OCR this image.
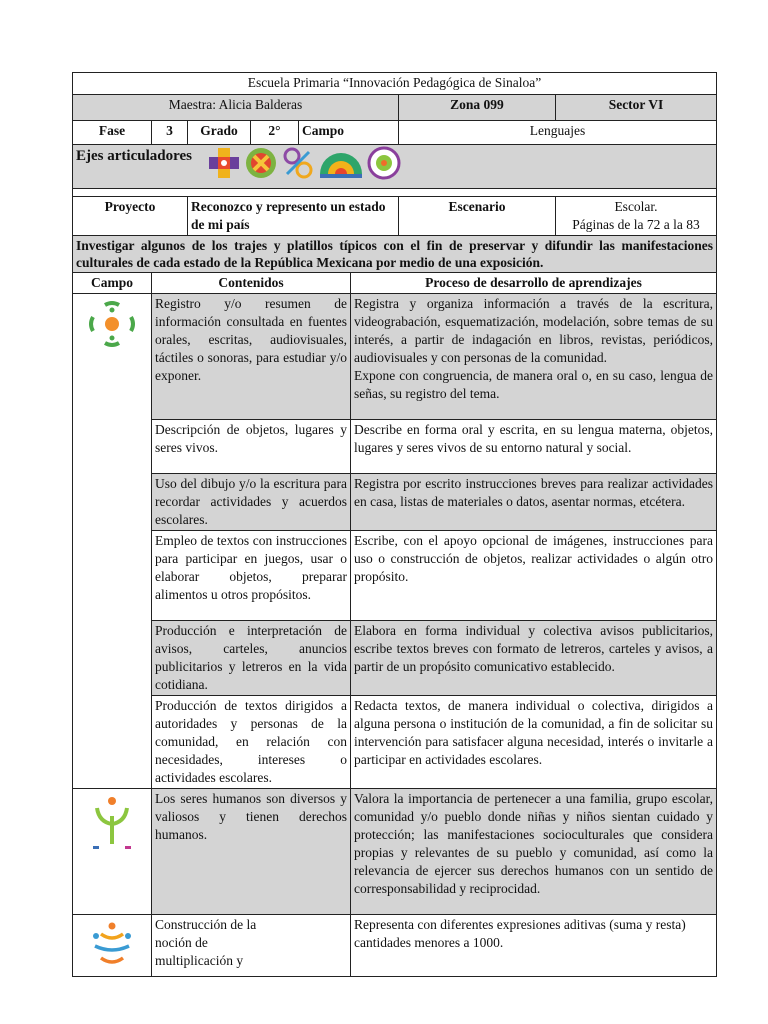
Escuela Primaria “Innovación Pedagógica de Sinaloa”							
Maestra: Alicia Balderas						Zona 099	Sector VI
Fase	3	Grado	2°	Campo		Lenguajes	
Ejes articuladores							

Proyecto		Reconozco y represento un estado de mi país				Escenario	Escolar.
Páginas de la 72 a la 83

Investigar algunos de los trajes y platillos típicos con el fin de preservar y difundir las manifestaciones culturales de cada estado de la República Mexicana por medio de una exposición.							
Campo	Contenidos				Proceso de desarrollo de aprendizajes		
	Registro y/o resumen de información consultada en fuentes orales, escritas, audiovisuales, táctiles o sonoras, para estudiar y/o exponer.				Registra y organiza información a través de la escritura, videograbación, esquematización, modelación, sobre temas de su interés, a partir de indagación en libros, revistas, periódicos, audiovisuales y con personas de la comunidad.
Expone con congruencia, de manera oral o, en su caso, lengua de señas, su registro del tema.		

	Descripción de objetos, lugares y seres vivos.				Describe en forma oral y escrita, en su lengua materna, objetos, lugares y seres vivos de su entorno natural y social.		
	Uso del dibujo y/o la escritura para recordar actividades y acuerdos escolares.				Registra por escrito instrucciones breves para realizar actividades en casa, listas de materiales o datos, asentar normas, etcétera.		
	Empleo de textos con instrucciones para participar en juegos, usar o elaborar objetos, preparar alimentos u otros propósitos.				Escribe, con el apoyo opcional de imágenes, instrucciones para uso o construcción de objetos, realizar actividades o algún otro propósito.		
	Producción e interpretación de avisos, carteles, anuncios publicitarios y letreros en la vida cotidiana.				Elabora en forma individual y colectiva avisos publicitarios, escribe textos breves con formato de letreros, carteles y avisos, a partir de un propósito comunicativo establecido.		
	Producción de textos dirigidos a autoridades y personas de la comunidad, en relación con necesidades, intereses o actividades escolares.				Redacta textos, de manera individual o colectiva, dirigidos a alguna persona o institución de la comunidad, a fin de solicitar su intervención para satisfacer alguna necesidad, interés o invitarle a participar en actividades escolares.		
	Los seres humanos son diversos y valiosos y tienen derechos humanos.				Valora la importancia de pertenecer a una familia, grupo escolar, comunidad y/o pueblo donde niñas y niños sientan cuidado y protección; las manifestaciones socioculturales que considera propias y relevantes de su pueblo y comunidad, así como la relevancia de ejercer sus derechos humanos con un sentido de corresponsabilidad y reciprocidad.		

Construcción de la
noción de
multiplicación y				Representa con diferentes expresiones aditivas (suma y resta) cantidades menores a 1000.		
